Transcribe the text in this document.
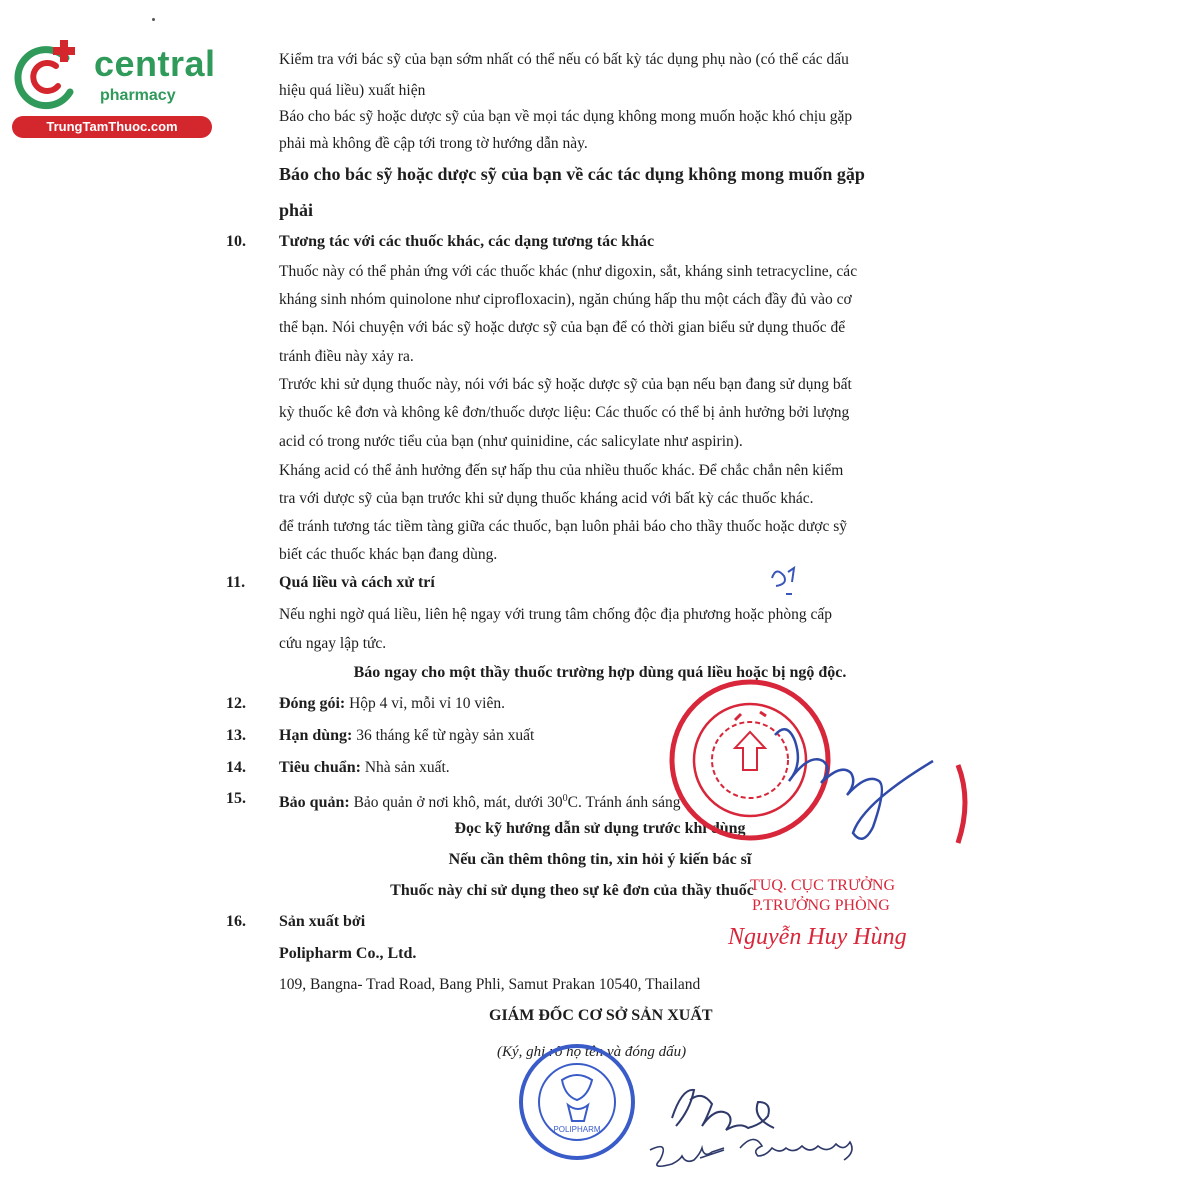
central
pharmacy
TrungTamThuoc.com
Kiểm tra với bác sỹ của bạn sớm nhất có thể nếu có bất kỳ tác dụng phụ nào (có thể các dấu
hiệu quá liều) xuất hiện
Báo cho bác sỹ hoặc dược sỹ của bạn về mọi tác dụng không mong muốn hoặc khó chịu gặp
phải mà không đề cập tới trong tờ hướng dẫn này.
Báo cho bác sỹ hoặc dược sỹ của bạn về các tác dụng không mong muốn gặp
phải
10. Tương tác với các thuốc khác, các dạng tương tác khác
Thuốc này có thể phản ứng với các thuốc khác (như digoxin, sắt, kháng sinh tetracycline, các
kháng sinh nhóm quinolone như ciprofloxacin), ngăn chúng hấp thu một cách đầy đủ vào cơ
thể bạn. Nói chuyện với bác sỹ hoặc dược sỹ của bạn để có thời gian biểu sử dụng thuốc để
tránh điều này xảy ra.
Trước khi sử dụng thuốc này, nói với bác sỹ hoặc dược sỹ của bạn nếu bạn đang sử dụng bất
kỳ thuốc kê đơn và không kê đơn/thuốc dược liệu: Các thuốc có thể bị ảnh hưởng bởi lượng
acid có trong nước tiểu của bạn (như quinidine, các salicylate như aspirin).
Kháng acid có thể ảnh hưởng đến sự hấp thu của nhiều thuốc khác. Để chắc chắn nên kiểm
tra với dược sỹ của bạn trước khi sử dụng thuốc kháng acid với bất kỳ các thuốc khác.
để tránh tương tác tiềm tàng giữa các thuốc, bạn luôn phải báo cho thầy thuốc hoặc dược sỹ
biết các thuốc khác bạn đang dùng.
11. Quá liều và cách xử trí
Nếu nghi ngờ quá liều, liên hệ ngay với trung tâm chống độc địa phương hoặc phòng cấp
cứu ngay lập tức.
Báo ngay cho một thầy thuốc trường hợp dùng quá liều hoặc bị ngộ độc.
12. Đóng gói: Hộp 4 vỉ, mỗi vỉ 10 viên.
13. Hạn dùng: 36 tháng kể từ ngày sản xuất
14. Tiêu chuẩn: Nhà sản xuất.
15. Bảo quản: Bảo quản ở nơi khô, mát, dưới $30^0C$. Tránh ánh sáng
Đọc kỹ hướng dẫn sử dụng trước khi dùng
Nếu cần thêm thông tin, xin hỏi ý kiến bác sĩ
Thuốc này chỉ sử dụng theo sự kê đơn của thầy thuốc
16. Sản xuất bởi
Polipharm Co., Ltd.
109, Bangna- Trad Road, Bang Phli, Samut Prakan 10540, Thailand
GIÁM ĐỐC CƠ SỞ SẢN XUẤT
(Ký, ghi rõ họ tên và đóng dấu)
TUQ. CỤC TRƯỞNG
P.TRƯỞNG PHÒNG
Nguyễn Huy Hùng
POLIPHARM
